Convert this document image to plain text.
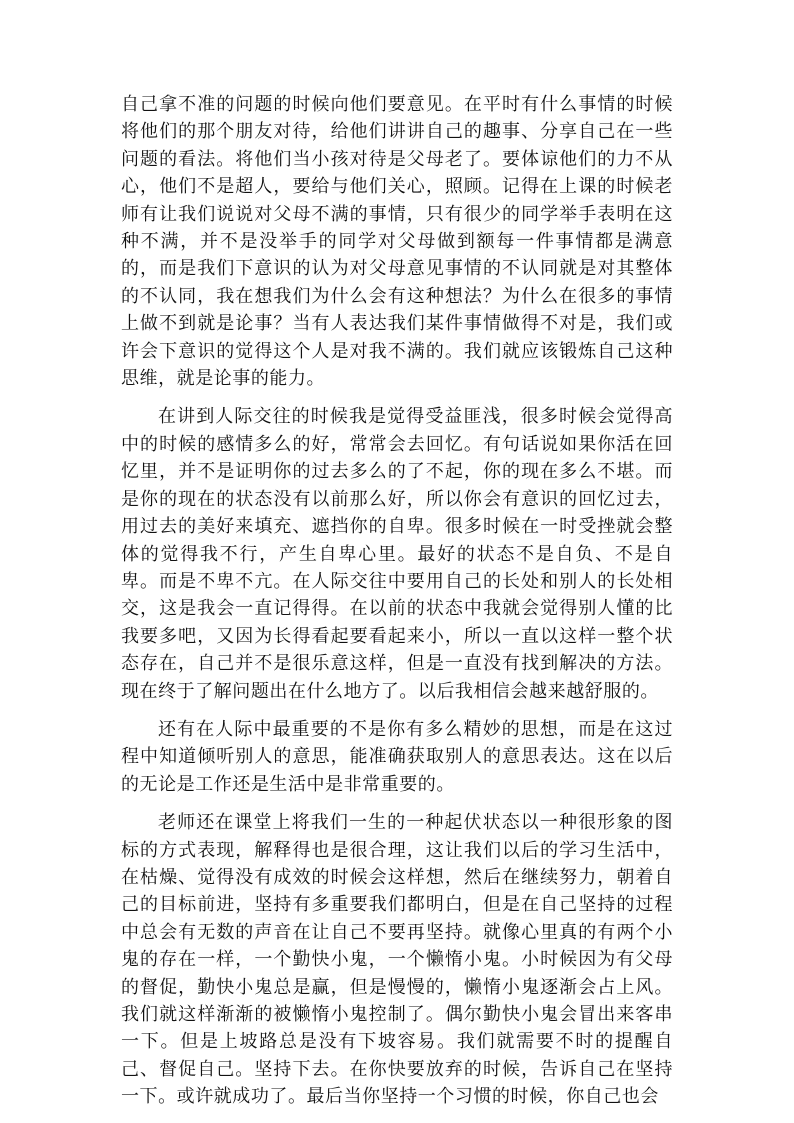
自己拿不准的问题的时候向他们要意见。在平时有什么事情的时候将他们的那个朋友对待，给他们讲讲自己的趣事、分享自己在一些问题的看法。将他们当小孩对待是父母老了。要体谅他们的力不从心，他们不是超人，要给与他们关心，照顾。记得在上课的时候老师有让我们说说对父母不满的事情，只有很少的同学举手表明在这种不满，并不是没举手的同学对父母做到额每一件事情都是满意的，而是我们下意识的认为对父母意见事情的不认同就是对其整体的不认同，我在想我们为什么会有这种想法？为什么在很多的事情上做不到就是论事？当有人表达我们某件事情做得不对是，我们或许会下意识的觉得这个人是对我不满的。我们就应该锻炼自己这种思维，就是论事的能力。

在讲到人际交往的时候我是觉得受益匪浅，很多时候会觉得高中的时候的感情多么的好，常常会去回忆。有句话说如果你活在回忆里，并不是证明你的过去多么的了不起，你的现在多么不堪。而是你的现在的状态没有以前那么好，所以你会有意识的回忆过去，用过去的美好来填充、遮挡你的自卑。很多时候在一时受挫就会整体的觉得我不行，产生自卑心里。最好的状态不是自负、不是自卑。而是不卑不亢。在人际交往中要用自己的长处和别人的长处相交，这是我会一直记得得。在以前的状态中我就会觉得别人懂的比我要多吧，又因为长得看起要看起来小，所以一直以这样一整个状态存在，自己并不是很乐意这样，但是一直没有找到解决的方法。现在终于了解问题出在什么地方了。以后我相信会越来越舒服的。

还有在人际中最重要的不是你有多么精妙的思想，而是在这过程中知道倾听别人的意思，能准确获取别人的意思表达。这在以后的无论是工作还是生活中是非常重要的。

老师还在课堂上将我们一生的一种起伏状态以一种很形象的图标的方式表现，解释得也是很合理，这让我们以后的学习生活中，在枯燥、觉得没有成效的时候会这样想，然后在继续努力，朝着自己的目标前进，坚持有多重要我们都明白，但是在自己坚持的过程中总会有无数的声音在让自己不要再坚持。就像心里真的有两个小鬼的存在一样，一个勤快小鬼，一个懒惰小鬼。小时候因为有父母的督促，勤快小鬼总是赢，但是慢慢的，懒惰小鬼逐渐会占上风。我们就这样渐渐的被懒惰小鬼控制了。偶尔勤快小鬼会冒出来客串一下。但是上坡路总是没有下坡容易。我们就需要不时的提醒自己、督促自己。坚持下去。在你快要放弃的时候，告诉自己在坚持一下。或许就成功了。最后当你坚持一个习惯的时候，你自己也会
